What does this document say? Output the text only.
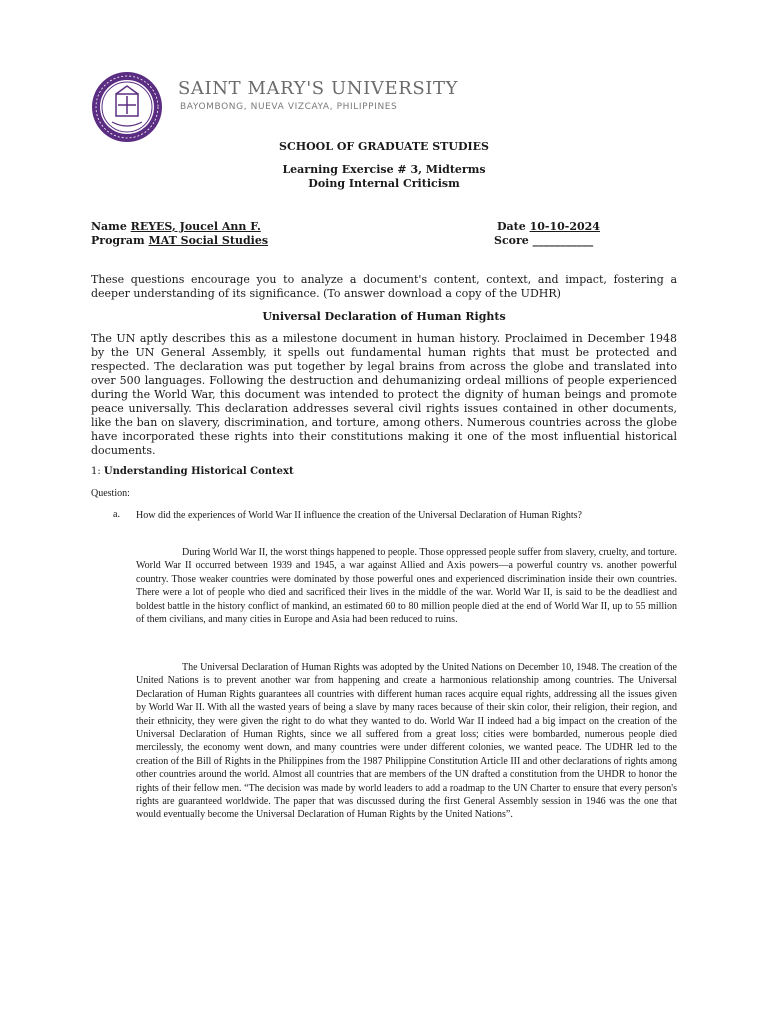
SAINT MARY'S UNIVERSITY
BAYOMBONG, NUEVA VIZCAYA, PHILIPPINES
SCHOOL OF GRADUATE STUDIES
Learning Exercise # 3, Midterms
Doing Internal Criticism
Name REYES, Joucel Ann F.
Program MAT Social Studies
Date 10-10-2024
Score ___________
These questions encourage you to analyze a document's content, context, and impact, fostering a deeper understanding of its significance. (To answer download a copy of the UDHR)
Universal Declaration of Human Rights
The UN aptly describes this as a milestone document in human history. Proclaimed in December 1948 by the UN General Assembly, it spells out fundamental human rights that must be protected and respected. The declaration was put together by legal brains from across the globe and translated into over 500 languages. Following the destruction and dehumanizing ordeal millions of people experienced during the World War, this document was intended to protect the dignity of human beings and promote peace universally. This declaration addresses several civil rights issues contained in other documents, like the ban on slavery, discrimination, and torture, among others. Numerous countries across the globe have incorporated these rights into their constitutions making it one of the most influential historical documents.
1: Understanding Historical Context
Question:
a. How did the experiences of World War II influence the creation of the Universal Declaration of Human Rights?
During World War II, the worst things happened to people. Those oppressed people suffer from slavery, cruelty, and torture. World War II occurred between 1939 and 1945, a war against Allied and Axis powers—a powerful country vs. another powerful country. Those weaker countries were dominated by those powerful ones and experienced discrimination inside their own countries. There were a lot of people who died and sacrificed their lives in the middle of the war. World War II, is said to be the deadliest and boldest battle in the history conflict of mankind, an estimated 60 to 80 million people died at the end of World War II, up to 55 million of them civilians, and many cities in Europe and Asia had been reduced to ruins.
The Universal Declaration of Human Rights was adopted by the United Nations on December 10, 1948. The creation of the United Nations is to prevent another war from happening and create a harmonious relationship among countries. The Universal Declaration of Human Rights guarantees all countries with different human races acquire equal rights, addressing all the issues given by World War II. With all the wasted years of being a slave by many races because of their skin color, their religion, their region, and their ethnicity, they were given the right to do what they wanted to do. World War II indeed had a big impact on the creation of the Universal Declaration of Human Rights, since we all suffered from a great loss; cities were bombarded, numerous people died mercilessly, the economy went down, and many countries were under different colonies, we wanted peace. The UDHR led to the creation of the Bill of Rights in the Philippines from the 1987 Philippine Constitution Article III and other declarations of rights among other countries around the world. Almost all countries that are members of the UN drafted a constitution from the UHDR to honor the rights of their fellow men. “The decision was made by world leaders to add a roadmap to the UN Charter to ensure that every person's rights are guaranteed worldwide. The paper that was discussed during the first General Assembly session in 1946 was the one that would eventually become the Universal Declaration of Human Rights by the United Nations”.
